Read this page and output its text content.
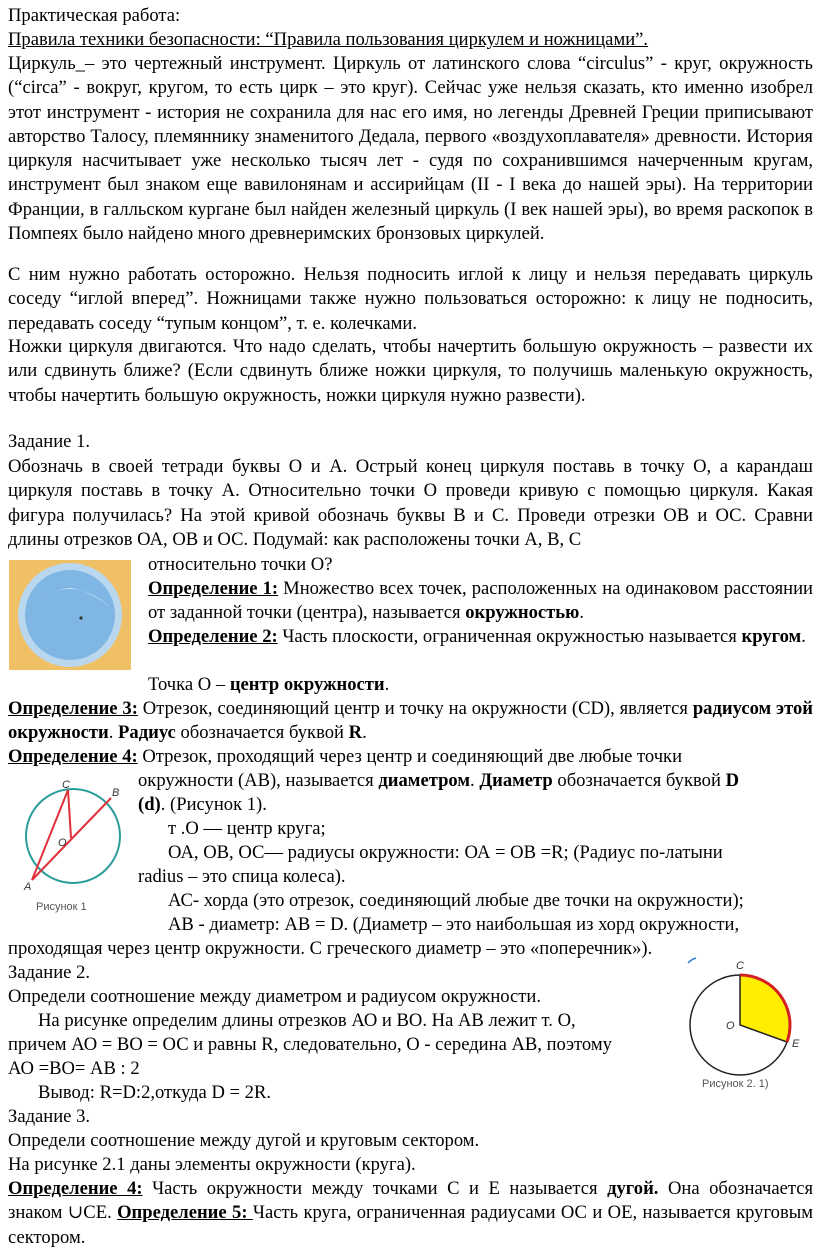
Практическая работа:
Правила техники безопасности: “Правила пользования циркулем и ножницами”.

Циркуль_– это чертежный инструмент. Циркуль от латинского слова “circulus” - круг, окружность (“circa” - вокруг, кругом, то есть цирк – это круг). Сейчас уже нельзя сказать, кто именно изобрел этот инструмент - история не сохранила для нас его имя, но легенды Древней Греции приписывают авторство Талосу, племяннику знаменитого Дедала, первого «воздухоплавателя» древности. История циркуля насчитывает уже несколько тысяч лет - судя по сохранившимся начерченным кругам, инструмент был знаком еще вавилонянам и ассирийцам (II - I века до нашей эры). На территории Франции, в галльском кургане был найден железный циркуль (I век нашей эры), во время раскопок в Помпеях было найдено много древнеримских бронзовых циркулей.

С ним нужно работать осторожно. Нельзя подносить иглой к лицу и нельзя передавать циркуль соседу “иглой вперед”. Ножницами также нужно пользоваться осторожно: к лицу не подносить, передавать соседу “тупым концом”, т. е. колечками.

Ножки циркуля двигаются. Что надо сделать, чтобы начертить большую окружность – развести их или сдвинуть ближе? (Если сдвинуть ближе ножки циркуля, то получишь маленькую окружность, чтобы начертить большую окружность, ножки циркуля нужно развести).

Задание 1.

Обозначь в своей тетради буквы О и А. Острый конец циркуля поставь в точку О, а карандаш циркуля поставь в точку А. Относительно точки О проведи кривую с помощью циркуля. Какая фигура получилась? На этой кривой обозначь буквы В и С. Проведи отрезки ОВ и ОС. Сравни длины отрезков ОА, ОВ и ОС. Подумай: как расположены точки А, В, С

относительно точки О?

Определение 1: Множество всех точек, расположенных на одинаковом расстоянии от заданной точки (центра), называется окружностью.

Определение 2: Часть плоскости, ограниченная окружностью называется кругом.

Точка О – центр окружности.

Определение 3: Отрезок, соединяющий центр и точку на окружности (CD), является радиусом этой окружности. Радиус обозначается буквой R.

Определение 4: Отрезок, проходящий через центр и соединяющий две любые точки
окружности (АВ), называется диаметром. Диаметр обозначается буквой D
(d). (Рисунок 1).
C
B
O
A
Рисунок 1
т .О — центр круга;
ОА, ОВ, ОС— радиусы окружности: ОА = ОВ =R; (Радиус по-латыни
radius – это спица колеса).
АС- хорда (это отрезок, соединяющий любые две точки на окружности);
АВ - диаметр: АВ = D. (Диаметр – это наибольшая из хорд окружности,
проходящая через центр окружности. С греческого диаметр – это «поперечник»).
Задание 2.
Определи соотношение между диаметром и радиусом окружности.
На рисунке определим длины отрезков АО и ВО. На АВ лежит т. О,
причем АО = ВО = ОС и равны R, следовательно, О - середина АВ, поэтому
АО =ВО= АВ : 2
Вывод: R=D:2,откуда D = 2R.
C
O
E
Рисунок 2. 1)
Задание 3.
Определи соотношение между дугой и круговым сектором.
На рисунке 2.1 даны элементы окружности (круга).

Определение 4: Часть окружности между точками С и Е называется дугой. Она обозначается знаком ∪СЕ. Определение 5: Часть круга, ограниченная радиусами ОС и ОЕ, называется круговым сектором.
